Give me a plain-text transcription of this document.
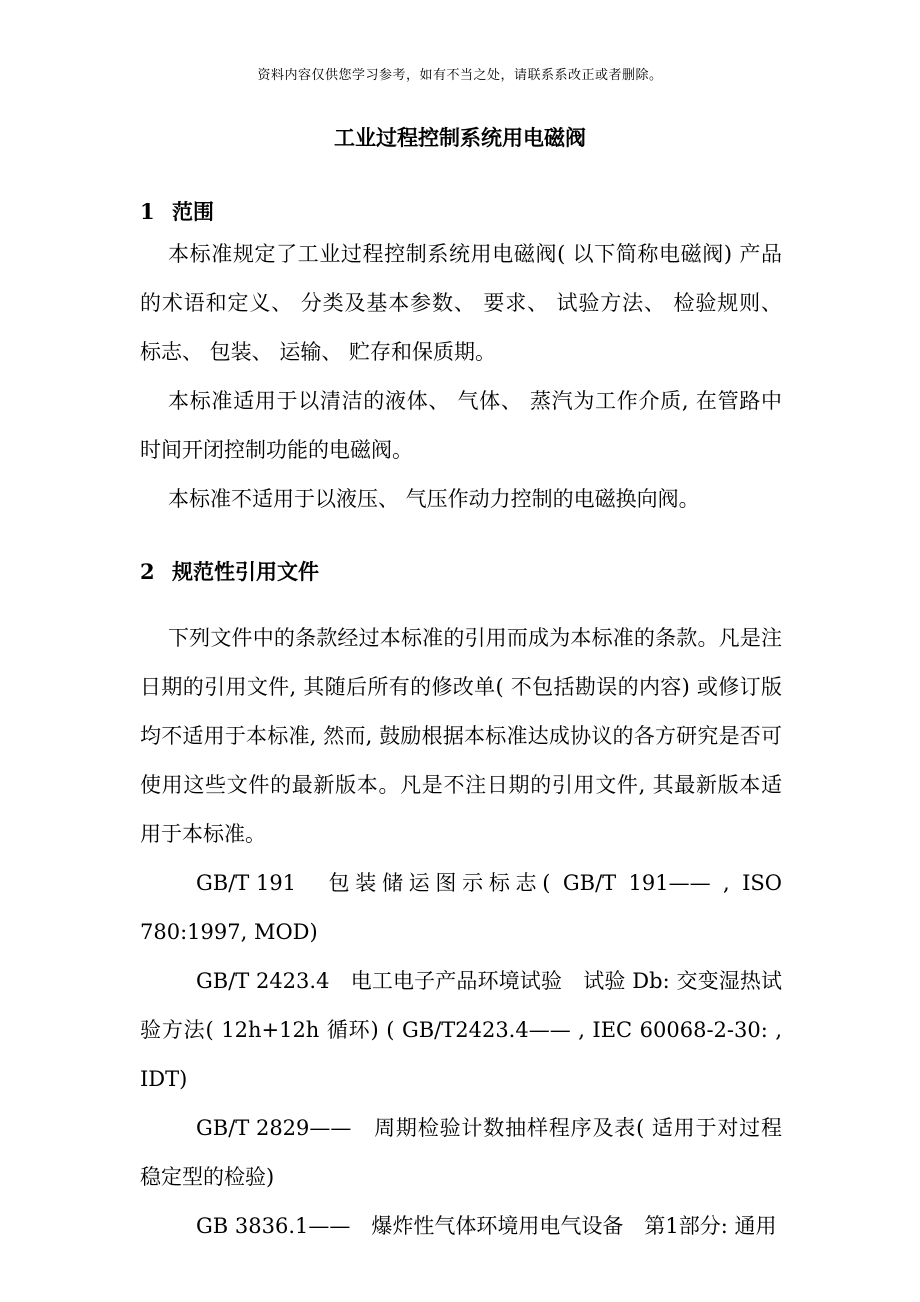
资料内容仅供您学习参考，如有不当之处，请联系系改正或者删除。
工业过程控制系统用电磁阀
1 范围

本标准规定了工业过程控制系统用电磁阀( 以下简称电磁阀) 产品的术语和定义、 分类及基本参数、 要求、 试验方法、 检验规则、 标志、 包装、 运输、 贮存和保质期。

本标准适用于以清洁的液体、 气体、 蒸汽为工作介质, 在管路中时间开闭控制功能的电磁阀。

本标准不适用于以液压、 气压作动力控制的电磁换向阀。

2 规范性引用文件

下列文件中的条款经过本标准的引用而成为本标准的条款。凡是注日期的引用文件, 其随后所有的修改单( 不包括勘误的内容) 或修订版均不适用于本标准, 然而, 鼓励根据本标准达成协议的各方研究是否可使用这些文件的最新版本。凡是不注日期的引用文件, 其最新版本适用于本标准。

GB/T 191　 包装储运图示标志( GB/T 191—— , ISO 780:1997, MOD)

GB/T 2423.4　 电工电子产品环境试验　试验 Db: 交变湿热试验方法( 12h+12h 循环) ( GB/T2423.4—— , IEC 60068-2-30: , IDT)

GB/T 2829——　 周期检验计数抽样程序及表( 适用于对过程稳定型的检验)

GB 3836.1——　 爆炸性气体环境用电气设备　第1部分: 通用
